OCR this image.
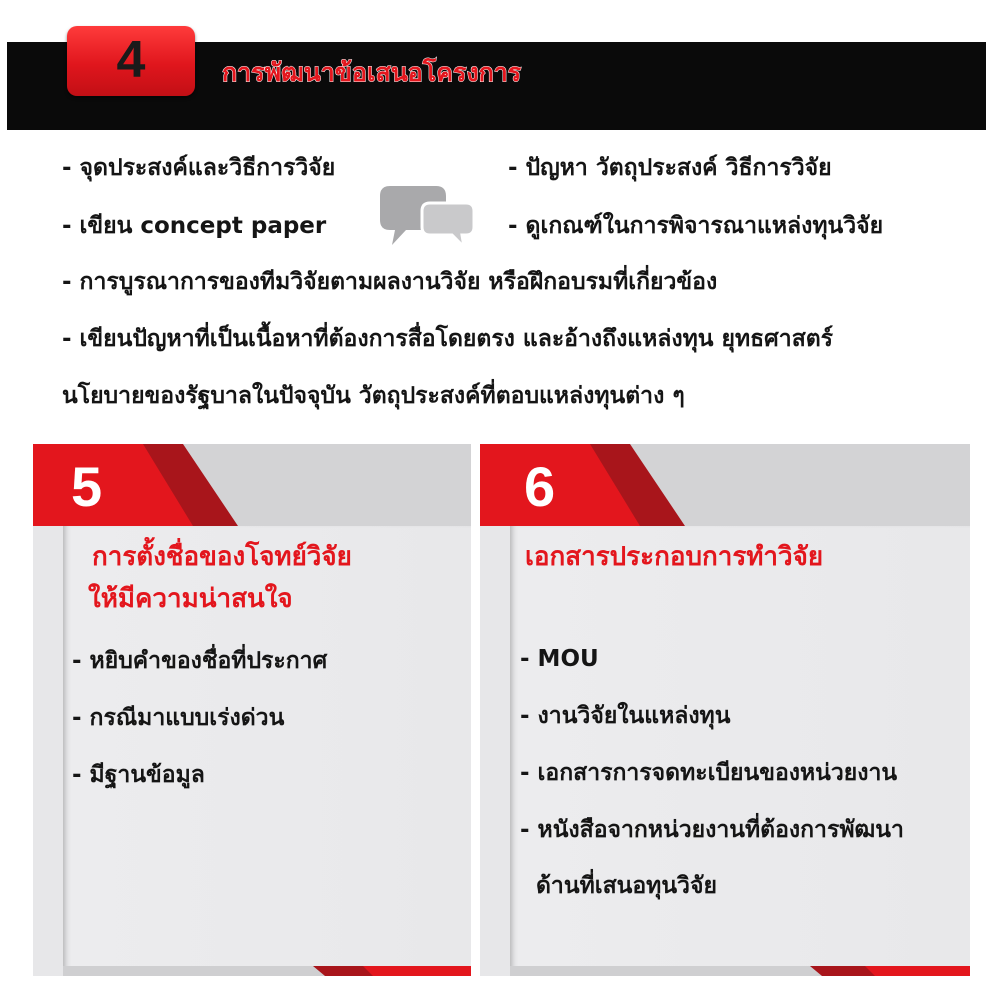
4	การพัฒนาข้อเสนอโครงการ
- จุดประสงค์และวิธีการวิจัย
- เขียน concept paper
- ปัญหา วัตถุประสงค์ วิธีการวิจัย
- ดูเกณฑ์ในการพิจารณาแหล่งทุนวิจัย
- การบูรณาการของทีมวิจัยตามผลงานวิจัย หรือฝึกอบรมที่เกี่ยวข้อง
- เขียนปัญหาที่เป็นเนื้อหาที่ต้องการสื่อโดยตรง และอ้างถึงแหล่งทุน ยุทธศาสตร์
นโยบายของรัฐบาลในปัจจุบัน วัตถุประสงค์ที่ตอบแหล่งทุนต่าง ๆ
5
การตั้งชื่อของโจทย์วิจัย
ให้มีความน่าสนใจ
- หยิบคำของชื่อที่ประกาศ
- กรณีมาแบบเร่งด่วน
- มีฐานข้อมูล
6
เอกสารประกอบการทำวิจัย
- MOU
- งานวิจัยในแหล่งทุน
- เอกสารการจดทะเบียนของหน่วยงาน
- หนังสือจากหน่วยงานที่ต้องการพัฒนา
ด้านที่เสนอทุนวิจัย
